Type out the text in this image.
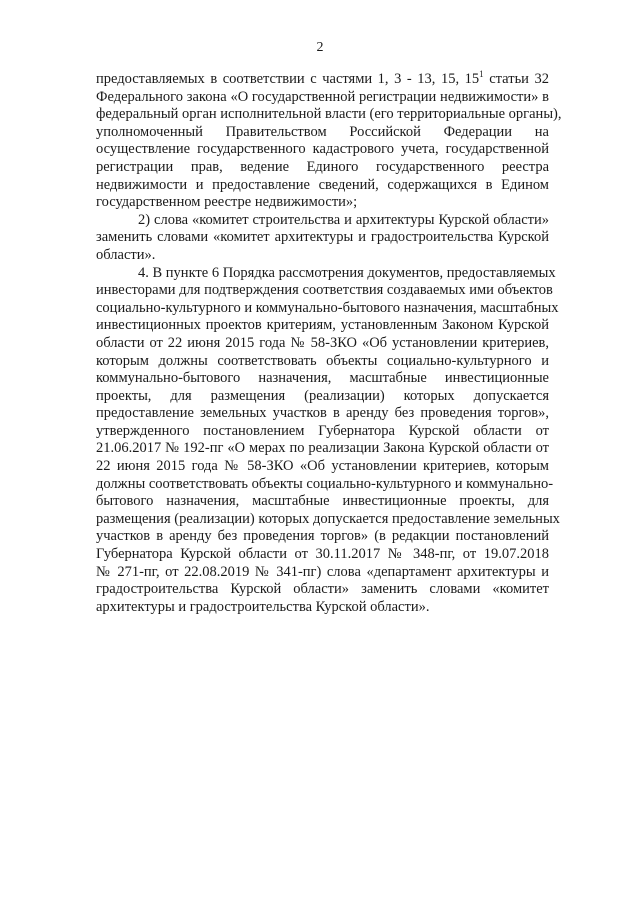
2
предоставляемых в соответствии с частями 1, 3 - 13, 15, $15^1$ статьи 32
Федерального закона «О государственной регистрации недвижимости» в
федеральный орган исполнительной власти (его территориальные органы),
уполномоченный Правительством Российской Федерации на
осуществление государственного кадастрового учета, государственной
регистрации прав, ведение Единого государственного реестра
недвижимости и предоставление сведений, содержащихся в Едином
государственном реестре недвижимости»;
2) слова «комитет строительства и архитектуры Курской области»
заменить словами «комитет архитектуры и градостроительства Курской
области».
4. В пункте 6 Порядка рассмотрения документов, предоставляемых
инвесторами для подтверждения соответствия создаваемых ими объектов
социально-культурного и коммунально-бытового назначения, масштабных
инвестиционных проектов критериям, установленным Законом Курской
области от 22 июня 2015 года № 58-ЗКО «Об установлении критериев,
которым должны соответствовать объекты социально-культурного и
коммунально-бытового назначения, масштабные инвестиционные
проекты, для размещения (реализации) которых допускается
предоставление земельных участков в аренду без проведения торгов»,
утвержденного постановлением Губернатора Курской области от
21.06.2017 № 192-пг «О мерах по реализации Закона Курской области от
22 июня 2015 года № 58-ЗКО «Об установлении критериев, которым
должны соответствовать объекты социально-культурного и коммунально-
бытового назначения, масштабные инвестиционные проекты, для
размещения (реализации) которых допускается предоставление земельных
участков в аренду без проведения торгов» (в редакции постановлений
Губернатора Курской области от 30.11.2017 № 348-пг, от 19.07.2018
№ 271-пг, от 22.08.2019 № 341-пг) слова «департамент архитектуры и
градостроительства Курской области» заменить словами «комитет
архитектуры и градостроительства Курской области».
